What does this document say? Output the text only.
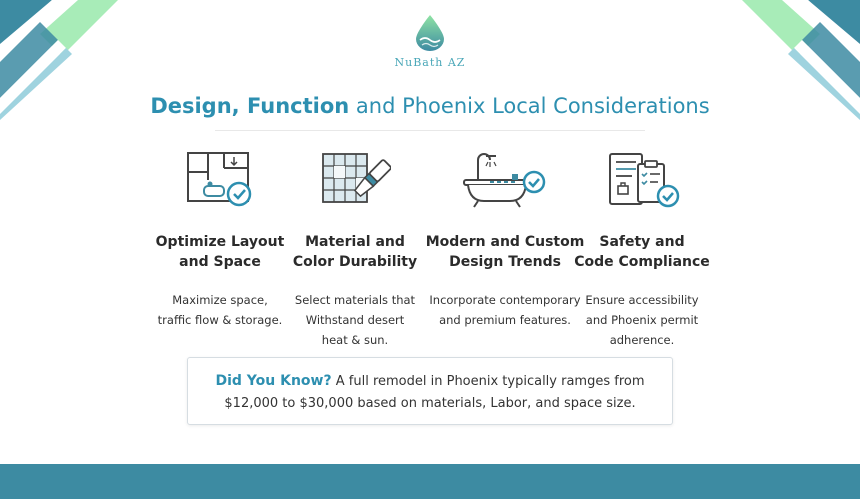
NuBath AZ
Design, Function and Phoenix Local Considerations
Optimize Layout
and Space
Maximize space,
traffic flow & storage.
Material and
Color Durability
Select materials that
Withstand desert
heat & sun.
Modern and Custom
Design Trends
Incorporate contemporary
and premium features.
Safety and
Code Compliance
Ensure accessibility
and Phoenix permit
adherence.
Did You Know? A full remodel in Phoenix typically ramges from
$12,000 to $30,000 based on materials, Labor, and space size.
